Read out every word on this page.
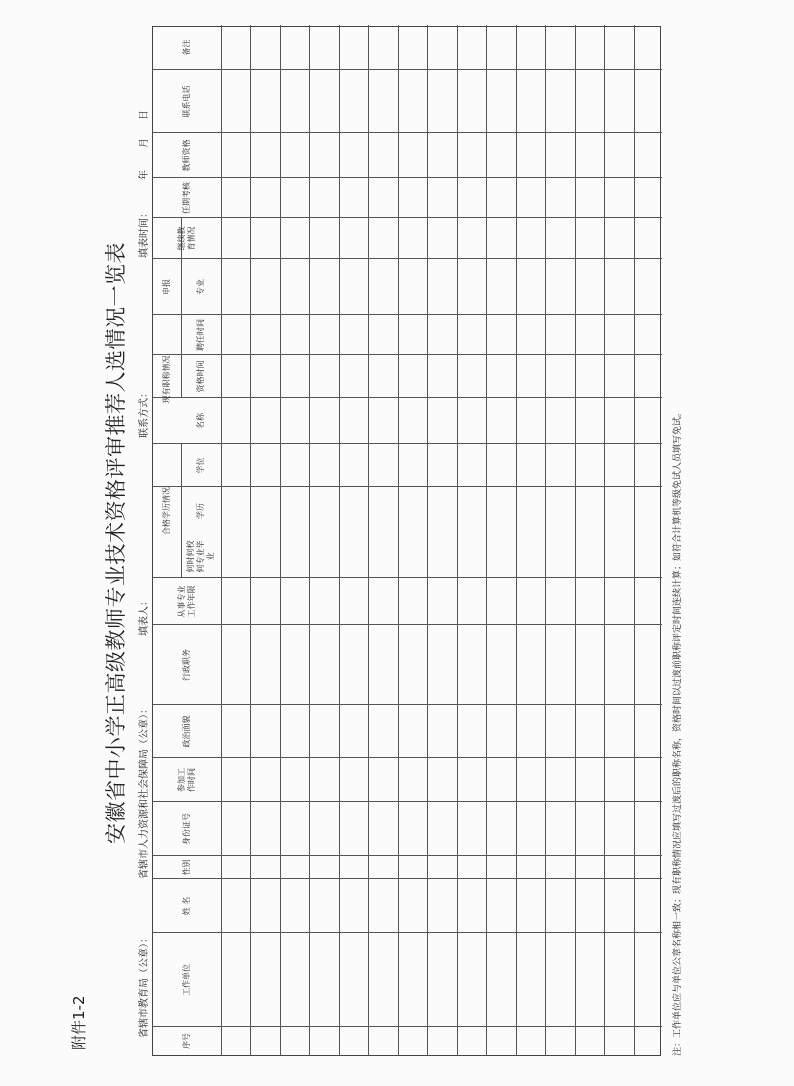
附件1-2
安徽省中小学正高级教师专业技术资格评审推荐人选情况一览表
省辖市教育局（公章）：
省辖市人力资源和社会保障局（公章）：
填表人：
联系方式：
填表时间：
年
月
日
序号
工作单位
姓 名
性别
身份证号
参加工作时间
政治面貌
行政职务
从事专业工作年限
合格学历情况
何时何校何专业毕业
学历
学位
现有职称情况
名称
资格时间
聘任时间
申报	专业
继续教育情况
任期考核
教师资格
联系电话
备注
注：工作单位应与单位公章名称相一致；现有职称情况应填写过渡后的职称名称，资格时间以过渡前职称评定时间连续计算；如符合计算机等级免试人员填写免试。
